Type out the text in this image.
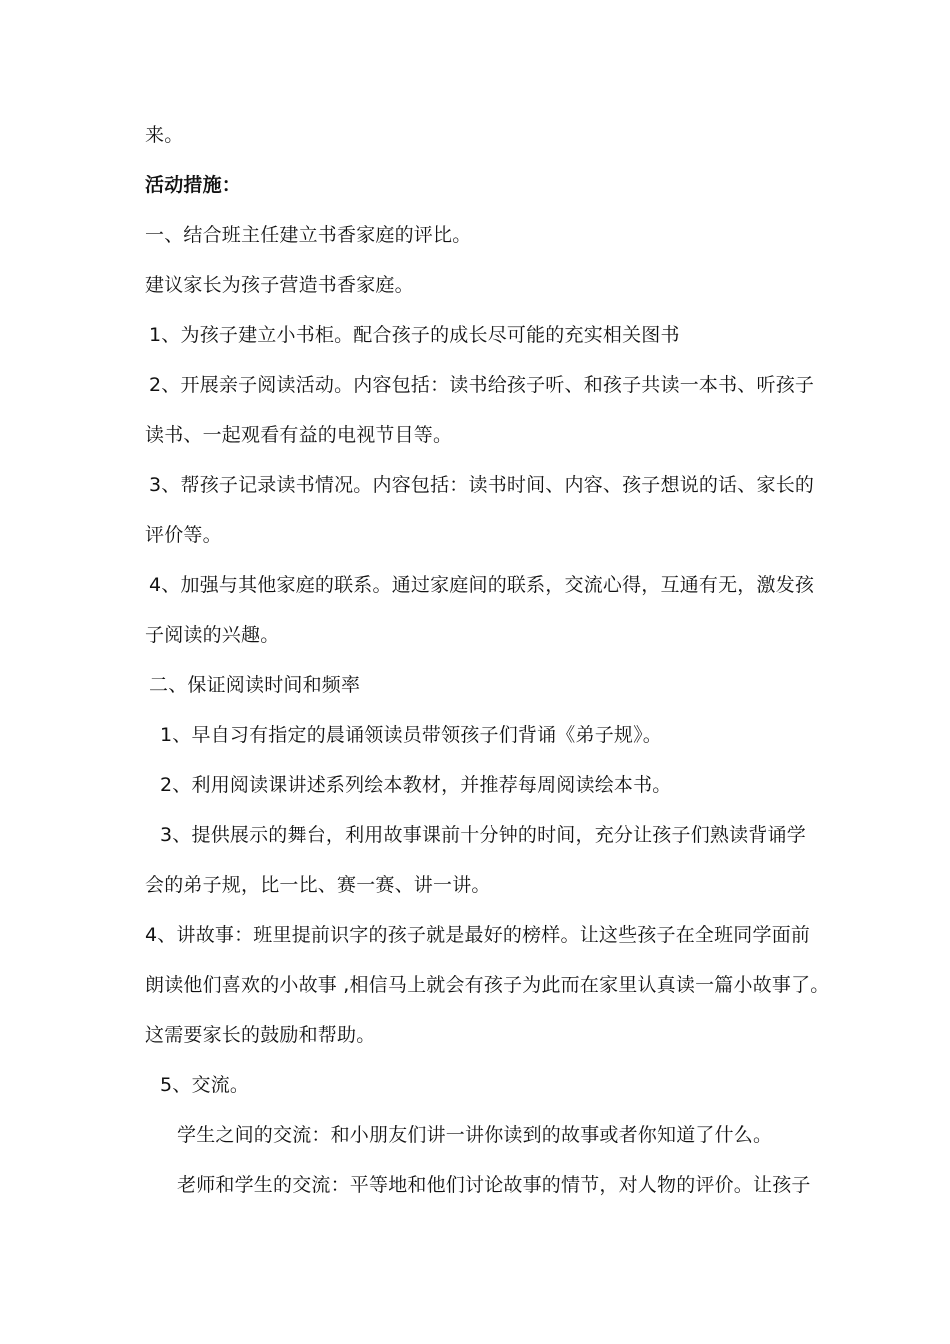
来。
活动措施：
一、结合班主任建立书香家庭的评比。
建议家长为孩子营造书香家庭。
1、为孩子建立小书柜。配合孩子的成长尽可能的充实相关图书
2、开展亲子阅读活动。内容包括：读书给孩子听、和孩子共读一本书、听孩子
读书、一起观看有益的电视节目等。
3、帮孩子记录读书情况。内容包括：读书时间、内容、孩子想说的话、家长的
评价等。
4、加强与其他家庭的联系。通过家庭间的联系，交流心得，互通有无，激发孩
子阅读的兴趣。
二、保证阅读时间和频率
1、早自习有指定的晨诵领读员带领孩子们背诵《弟子规》。
2、利用阅读课讲述系列绘本教材，并推荐每周阅读绘本书。
3、提供展示的舞台，利用故事课前十分钟的时间，充分让孩子们熟读背诵学
会的弟子规，比一比、赛一赛、讲一讲。
4、讲故事：班里提前识字的孩子就是最好的榜样。让这些孩子在全班同学面前
朗读他们喜欢的小故事 ,相信马上就会有孩子为此而在家里认真读一篇小故事了。
这需要家长的鼓励和帮助。
5、交流。
学生之间的交流：和小朋友们讲一讲你读到的故事或者你知道了什么。
老师和学生的交流：平等地和他们讨论故事的情节，对人物的评价。让孩子
